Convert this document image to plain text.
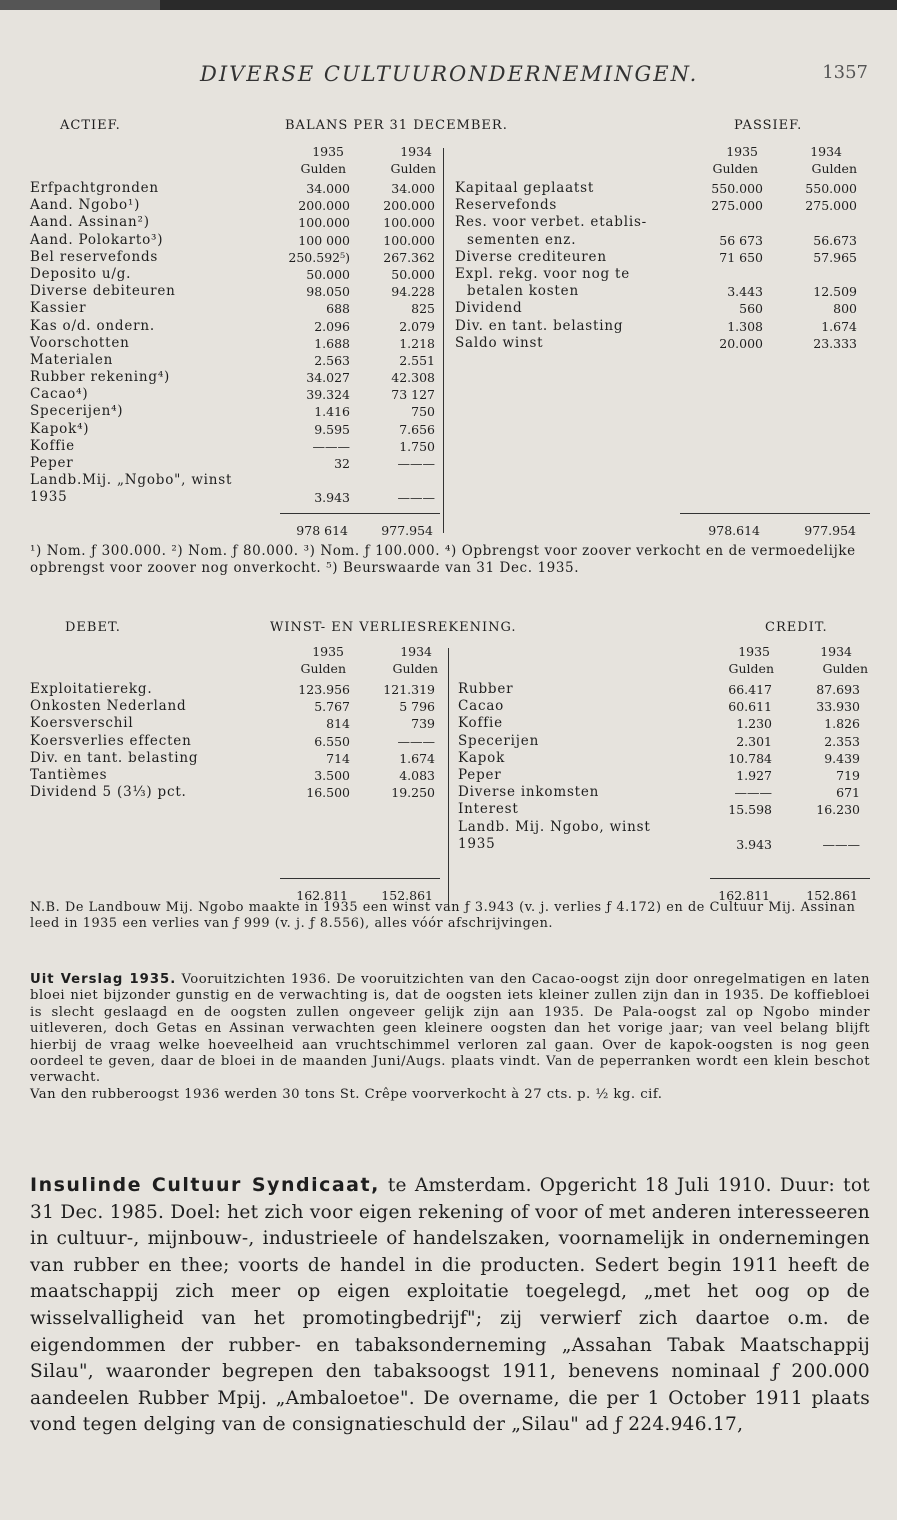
DIVERSE CULTUURONDERNEMINGEN.	1357
ACTIEF.	BALANS PER 31 DECEMBER.	PASSIEF.
1935	1934
Gulden	Gulden
1935	1934
Gulden	Gulden
Erfpachtgronden	34.000	34.000
Aand. Ngobo¹)	200.000	200.000
Aand. Assinan²)	100.000	100.000
Aand. Polokarto³)	100 000	100.000
Bel reservefonds	250.592⁵)	267.362
Deposito u/g.	50.000	50.000
Diverse debiteuren	98.050	94.228
Kassier	688	825
Kas o/d. ondern.	2.096	2.079
Voorschotten	1.688	1.218
Materialen	2.563	2.551
Rubber rekening⁴)	34.027	42.308
Cacao⁴)	39.324	73 127
Specerijen⁴)	1.416	750
Kapok⁴)	9.595	7.656
Koffie	———	1.750
Peper	32	———
Landb.Mij. „Ngobo", winst
1935	3.943	———
Kapitaal geplaatst	550.000	550.000
Reservefonds	275.000	275.000
Res. voor verbet. etablis-
sementen enz.	56 673	56.673
Diverse crediteuren	71 650	57.965
Expl. rekg. voor nog te
betalen kosten	3.443	12.509
Dividend	560	800
Div. en tant. belasting	1.308	1.674
Saldo winst	20.000	23.333
978 614	977.954	978.614	977.954
¹) Nom. ƒ 300.000. ²) Nom. ƒ 80.000. ³) Nom. ƒ 100.000. ⁴) Opbrengst voor zoover verkocht en de vermoedelijke opbrengst voor zoover nog onverkocht. ⁵) Beurswaarde van 31 Dec. 1935.
DEBET.	WINST- EN VERLIESREKENING.	CREDIT.
1935	1934
Gulden	Gulden
1935	1934
Gulden	Gulden
Exploitatierekg.	123.956	121.319
Onkosten Nederland	5.767	5 796
Koersverschil	814	739
Koersverlies effecten	6.550	———
Div. en tant. belasting	714	1.674
Tantièmes	3.500	4.083
Dividend 5 (3⅓) pct.	16.500	19.250
Rubber	66.417	87.693
Cacao	60.611	33.930
Koffie	1.230	1.826
Specerijen	2.301	2.353
Kapok	10.784	9.439
Peper	1.927	719
Diverse inkomsten	———	671
Interest	15.598	16.230
Landb. Mij. Ngobo, winst
1935	3.943	———
162.811	152.861	162.811	152.861
N.B. De Landbouw Mij. Ngobo maakte in 1935 een winst van ƒ 3.943 (v. j. verlies ƒ 4.172) en de Cultuur Mij. Assinan leed in 1935 een verlies van ƒ 999 (v. j. ƒ 8.556), alles vóór afschrijvingen.
Uit Verslag 1935. Vooruitzichten 1936. De vooruitzichten van den Cacao-oogst zijn door onregelmatigen en laten bloei niet bijzonder gunstig en de verwachting is, dat de oogsten iets kleiner zullen zijn dan in 1935. De koffiebloei is slecht geslaagd en de oogsten zullen ongeveer gelijk zijn aan 1935. De Pala-oogst zal op Ngobo minder uitleveren, doch Getas en Assinan verwachten geen kleinere oogsten dan het vorige jaar; van veel belang blijft hierbij de vraag welke hoeveelheid aan vruchtschimmel verloren zal gaan. Over de kapok-oogsten is nog geen oordeel te geven, daar de bloei in de maanden Juni/Augs. plaats vindt. Van de peperranken wordt een klein beschot verwacht.
Van den rubberoogst 1936 werden 30 tons St. Crêpe voorverkocht à 27 cts. p. ½ kg. cif.
Insulinde Cultuur Syndicaat, te Amsterdam. Opgericht 18 Juli 1910. Duur: tot 31 Dec. 1985. Doel: het zich voor eigen rekening of voor of met anderen interesseeren in cultuur-, mijnbouw-, industrieele of handelszaken, voornamelijk in ondernemingen van rubber en thee; voorts de handel in die producten. Sedert begin 1911 heeft de maatschappij zich meer op eigen exploitatie toegelegd, „met het oog op de wisselvalligheid van het promotingbedrijf"; zij verwierf zich daartoe o.m. de eigendommen der rubber- en tabaksonderneming „Assahan Tabak Maatschappij Silau", waaronder begrepen den tabaksoogst 1911, benevens nominaal ƒ 200.000 aandeelen Rubber Mpij. „Ambaloetoe". De overname, die per 1 October 1911 plaats vond tegen delging van de consignatieschuld der „Silau" ad ƒ 224.946.17,
